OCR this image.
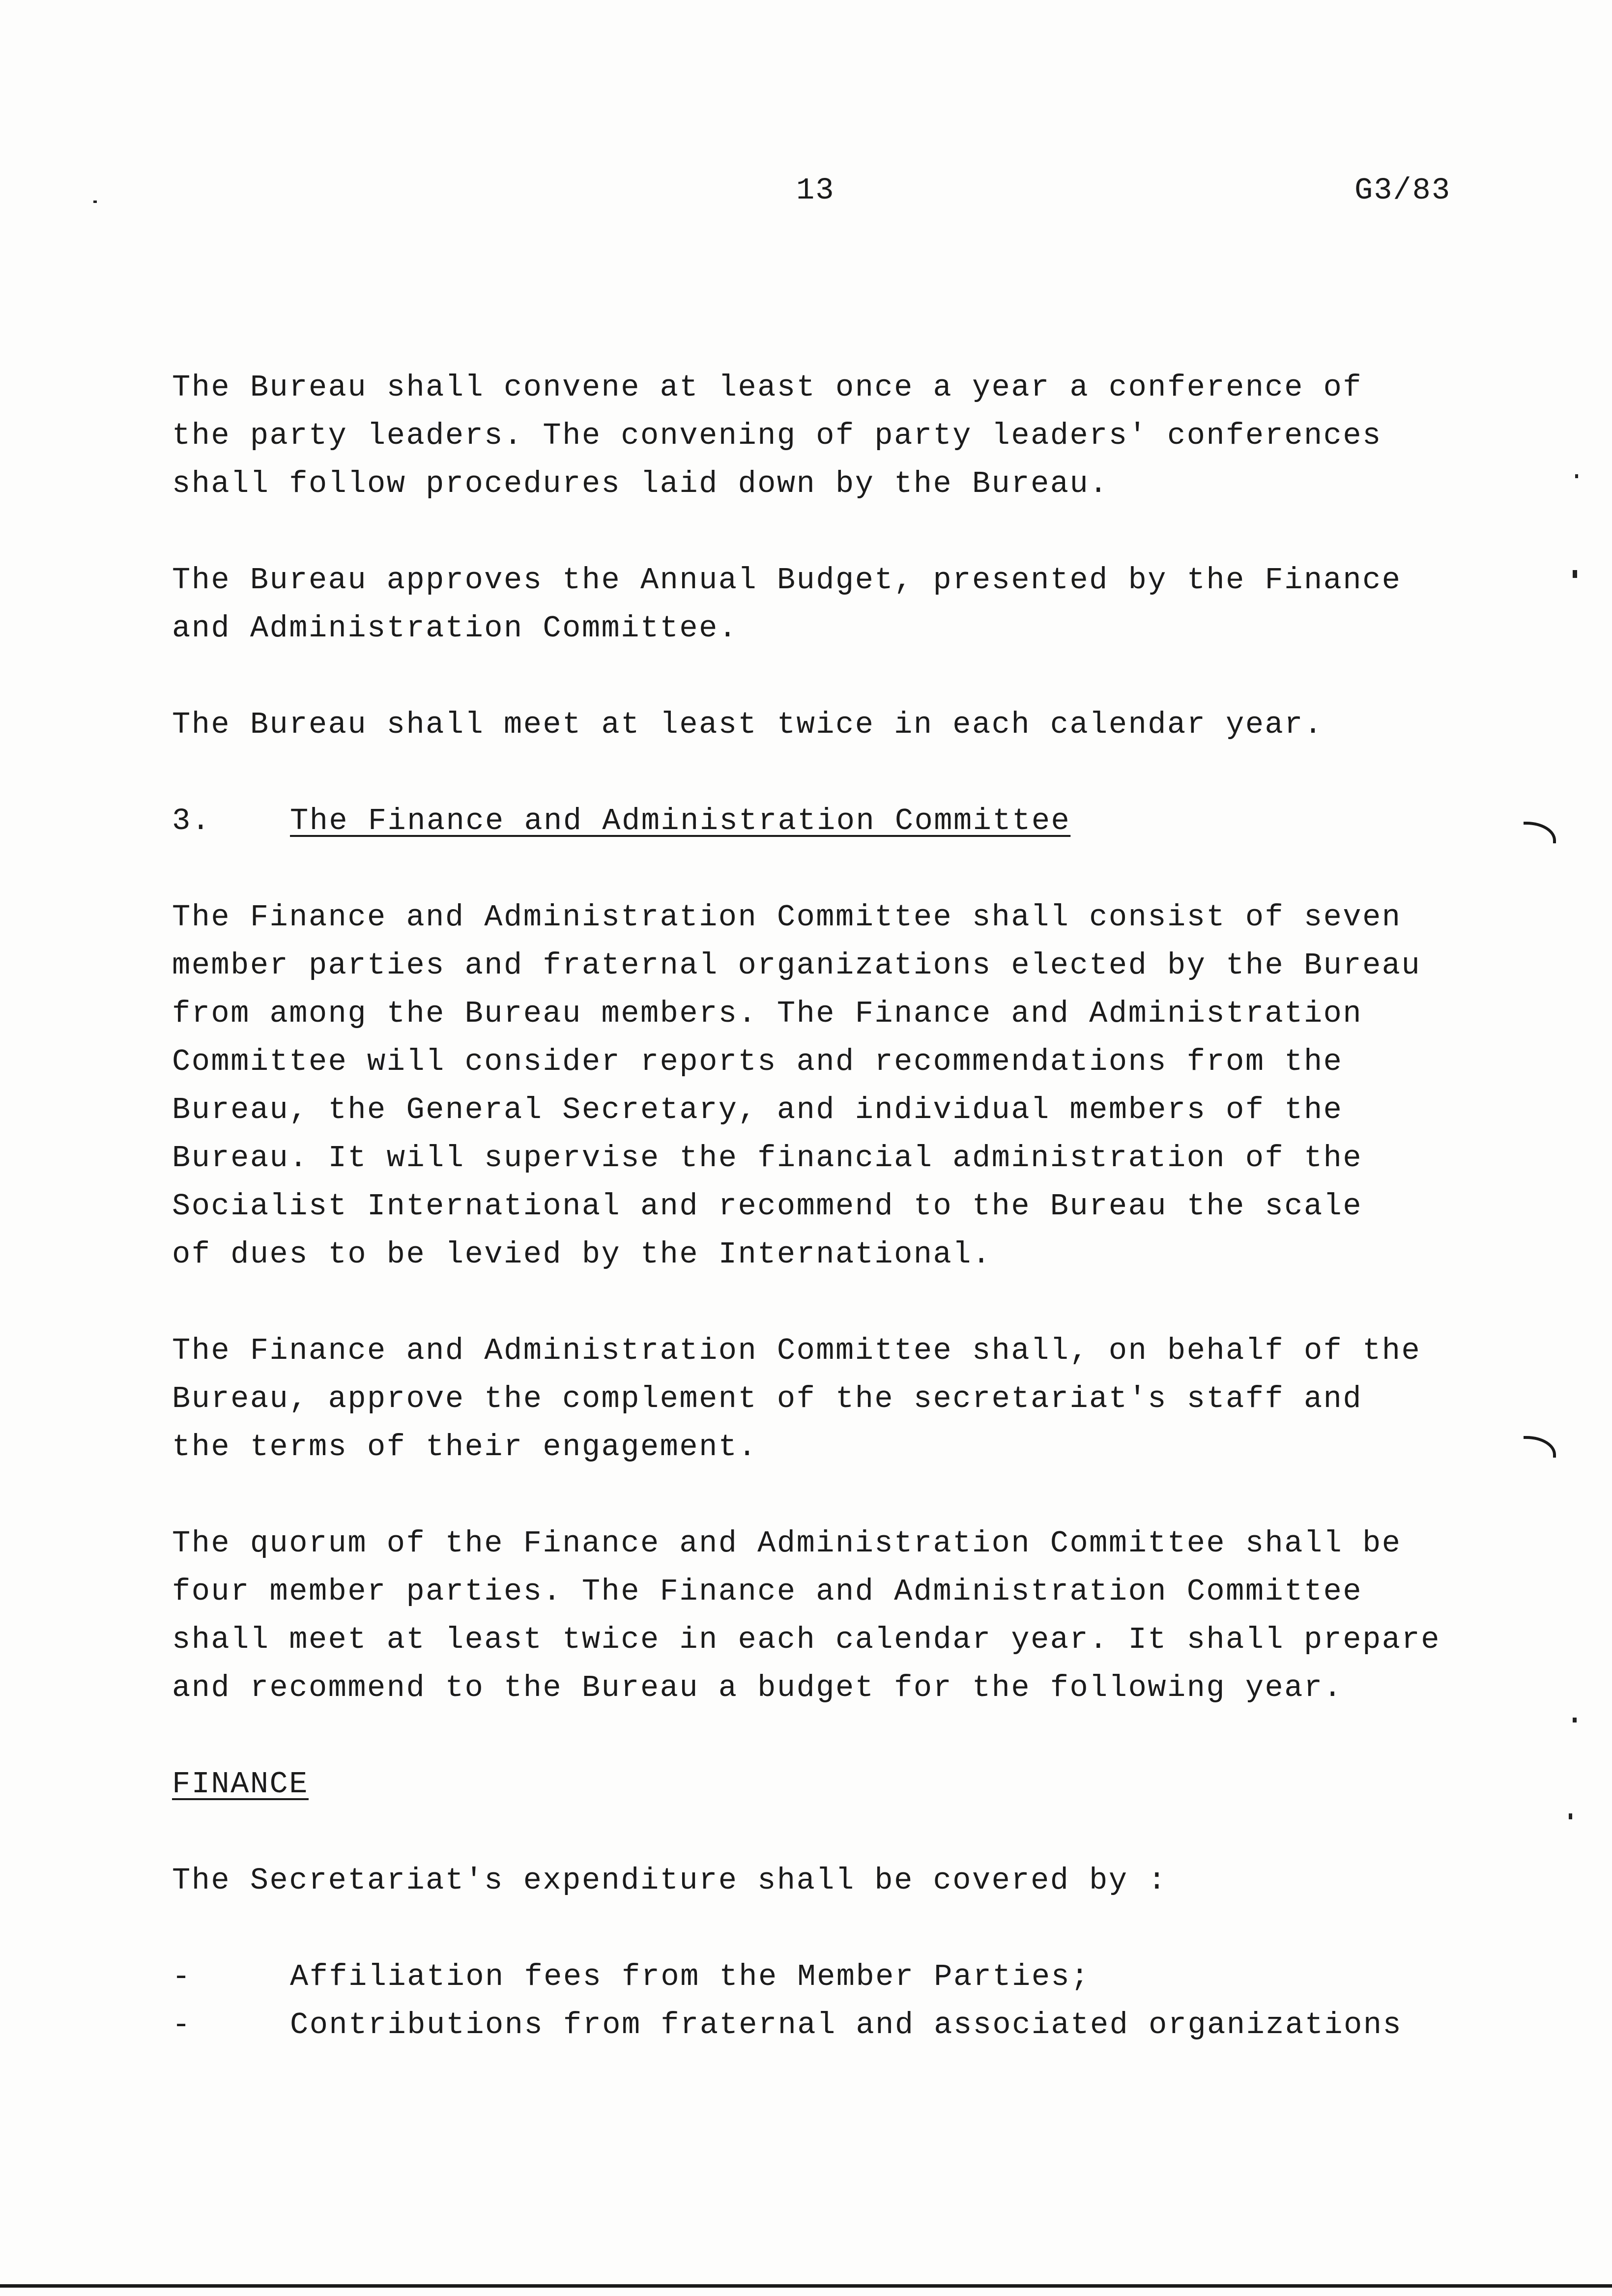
13	G3/83

The Bureau shall convene at least once a year a conference of
the party leaders. The convening of party leaders' conferences
shall follow procedures laid down by the Bureau.

The Bureau approves the Annual Budget, presented by the Finance
and Administration Committee.

The Bureau shall meet at least twice in each calendar year.

3.	The Finance and Administration Committee

The Finance and Administration Committee shall consist of seven
member parties and fraternal organizations elected by the Bureau
from among the Bureau members. The Finance and Administration
Committee will consider reports and recommendations from the
Bureau, the General Secretary, and individual members of the
Bureau. It will supervise the financial administration of the
Socialist International and recommend to the Bureau the scale
of dues to be levied by the International.

The Finance and Administration Committee shall, on behalf of the
Bureau, approve the complement of the secretariat's staff and
the terms of their engagement.

The quorum of the Finance and Administration Committee shall be
four member parties. The Finance and Administration Committee
shall meet at least twice in each calendar year. It shall prepare
and recommend to the Bureau a budget for the following year.

FINANCE

The Secretariat's expenditure shall be covered by :

-	Affiliation fees from the Member Parties;
-	Contributions from fraternal and associated organizations
